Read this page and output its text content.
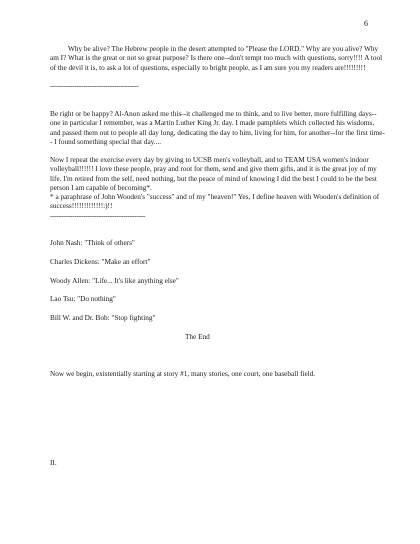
6

Why be alive? The Hebrew people in the desert attempted to "Please the LORD." Why are you alive? Why am I? What is the great or not so great purpose? Is there one--don't tempt too much with questions, sorry!!!! A tool of the devil it is, to ask a lot of questions, especially to bright people, as I am sure you my readers are!!!!!!!!!

----------------------------------------

Be right or be happy? Al-Anon asked me this--it challenged me to think, and to live better, more fulfilling days--one in particular I remember, was a Martin Luther King Jr. day. I made pamphlets which collected his wisdoms, and passed them out to people all day long, dedicating the day to him, living for him, for another--for the first time-- I found something special that day....

Now I repeat the exercise every day by giving to UCSB men's volleyball, and to TEAM USA women's indoor volleyball!!!!!! I love these people, pray and root for them, send and give them gifts, and it is the great joy of my life. I'm retired from the self, need nothing, but the peace of mind of knowing I did the best I could to be the best person I am capable of becoming*.

* a paraphrase of John Wooden's "success" and of my "heaven!" Yes, I define heaven with Wooden's definition of success!!!!!!!!!!!!!:)!!

-------------------------------------------
John Nash: "Think of others"
Charles Dickens: "Make an effort"
Woody Allen: "Life... It's like anything else"
Lao Tsu: "Do nothing"
Bill W. and Dr. Bob: "Stop fighting"
The End
Now we begin, existentially starting at story #1, many stories, one court, one baseball field.
II.
